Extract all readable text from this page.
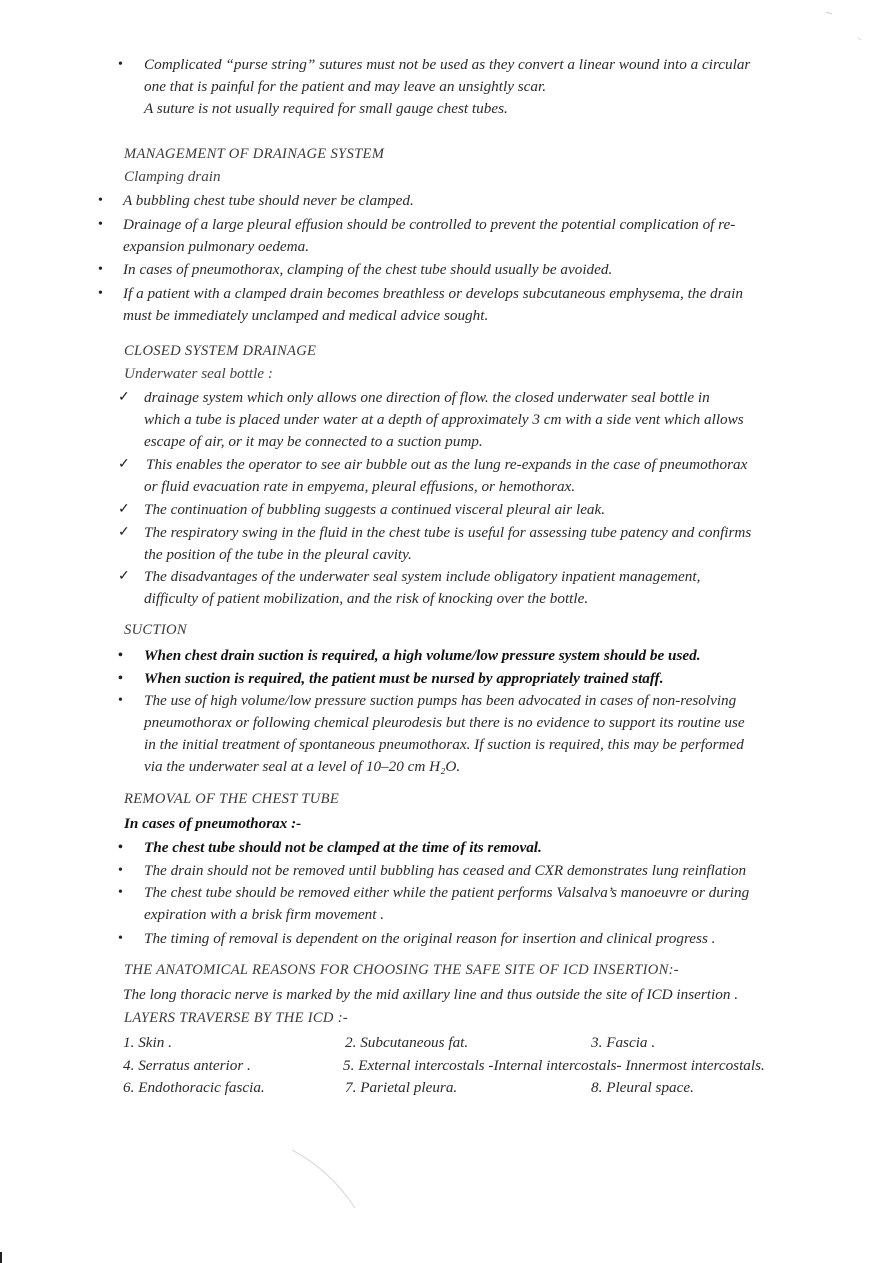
• Complicated “purse string” sutures must not be used as they convert a linear wound into a circular
one that is painful for the patient and may leave an unsightly scar.
A suture is not usually required for small gauge chest tubes.
MANAGEMENT OF DRAINAGE SYSTEM
Clamping drain
• A bubbling chest tube should never be clamped.
• Drainage of a large pleural effusion should be controlled to prevent the potential complication of re-
expansion pulmonary oedema.
• In cases of pneumothorax, clamping of the chest tube should usually be avoided.
• If a patient with a clamped drain becomes breathless or develops subcutaneous emphysema, the drain
must be immediately unclamped and medical advice sought.
CLOSED SYSTEM DRAINAGE
Underwater seal bottle :
✓ drainage system which only allows one direction of flow. the closed underwater seal bottle in
which a tube is placed under water at a depth of approximately 3 cm with a side vent which allows
escape of air, or it may be connected to a suction pump.
✓ This enables the operator to see air bubble out as the lung re-expands in the case of pneumothorax
or fluid evacuation rate in empyema, pleural effusions, or hemothorax.
✓ The continuation of bubbling suggests a continued visceral pleural air leak.
✓ The respiratory swing in the fluid in the chest tube is useful for assessing tube patency and confirms
the position of the tube in the pleural cavity.
✓ The disadvantages of the underwater seal system include obligatory inpatient management,
difficulty of patient mobilization, and the risk of knocking over the bottle.
SUCTION
• When chest drain suction is required, a high volume/low pressure system should be used.
• When suction is required, the patient must be nursed by appropriately trained staff.
• The use of high volume/low pressure suction pumps has been advocated in cases of non-resolving
pneumothorax or following chemical pleurodesis but there is no evidence to support its routine use
in the initial treatment of spontaneous pneumothorax. If suction is required, this may be performed
via the underwater seal at a level of 10–20 cm H₂O.
REMOVAL OF THE CHEST TUBE
In cases of pneumothorax :-
• The chest tube should not be clamped at the time of its removal.
• The drain should not be removed until bubbling has ceased and CXR demonstrates lung reinflation
• The chest tube should be removed either while the patient performs Valsalva’s manoeuvre or during
expiration with a brisk firm movement .
• The timing of removal is dependent on the original reason for insertion and clinical progress .
THE ANATOMICAL REASONS FOR CHOOSING THE SAFE SITE OF ICD INSERTION:-
The long thoracic nerve is marked by the mid axillary line and thus outside the site of ICD insertion .
LAYERS TRAVERSE BY THE ICD :-
1. Skin .	2. Subcutaneous fat.	3. Fascia .
4. Serratus anterior .	5. External intercostals -Internal intercostals- Innermost intercostals.
6. Endothoracic fascia.	7. Parietal pleura.	8. Pleural space.
